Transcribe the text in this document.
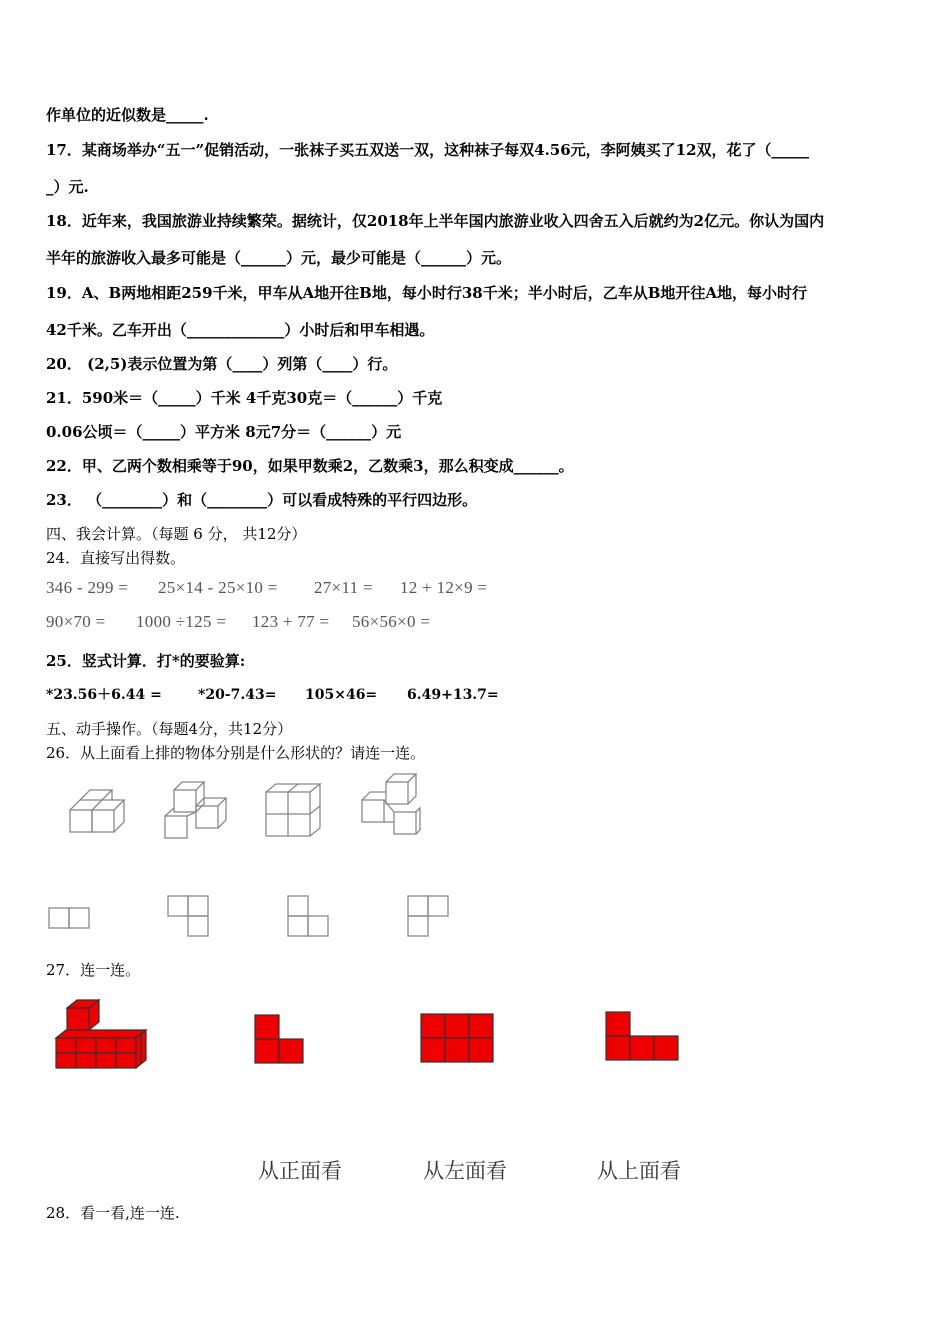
作单位的近似数是_____.
17．某商场举办“五一”促销活动，一张袜子买五双送一双，这种袜子每双4.56元，李阿姨买了12双，花了（_____
_）元.
18．近年来，我国旅游业持续繁荣。据统计，仅2018年上半年国内旅游业收入四舍五入后就约为2亿元。你认为国内
半年的旅游收入最多可能是（______）元，最少可能是（______）元。
19．A、B两地相距259千米，甲车从A地开往B地，每小时行38千米；半小时后，乙车从B地开往A地，每小时行
42千米。乙车开出（_____________）小时后和甲车相遇。
20． (2,5)表示位置为第（____）列第（____）行。
21．590米＝（_____）千米 4千克30克＝（______）千克
0.06公顷＝（_____）平方米 8元7分＝（______）元
22．甲、乙两个数相乘等于90，如果甲数乘2，乙数乘3，那么积变成______。
23． （________）和（________）可以看成特殊的平行四边形。
四、我会计算。（每题 6 分， 共12分）
24．直接写出得数。
346 - 299 = 25×14 - 25×10 = 27×11 = 12 + 12×9 =
90×70 = 1000 ÷125 = 123 + 77 = 56×56×0 =
25．竖式计算．打*的要验算:
*23.56＋6.44 =	*20-7.43= 105×46= 6.49+13.7=
五、动手操作。（每题4分，共12分）
26．从上面看上排的物体分别是什么形状的？请连一连。
27．连一连。
从正面看	从左面看	从上面看
28．看一看,连一连.
